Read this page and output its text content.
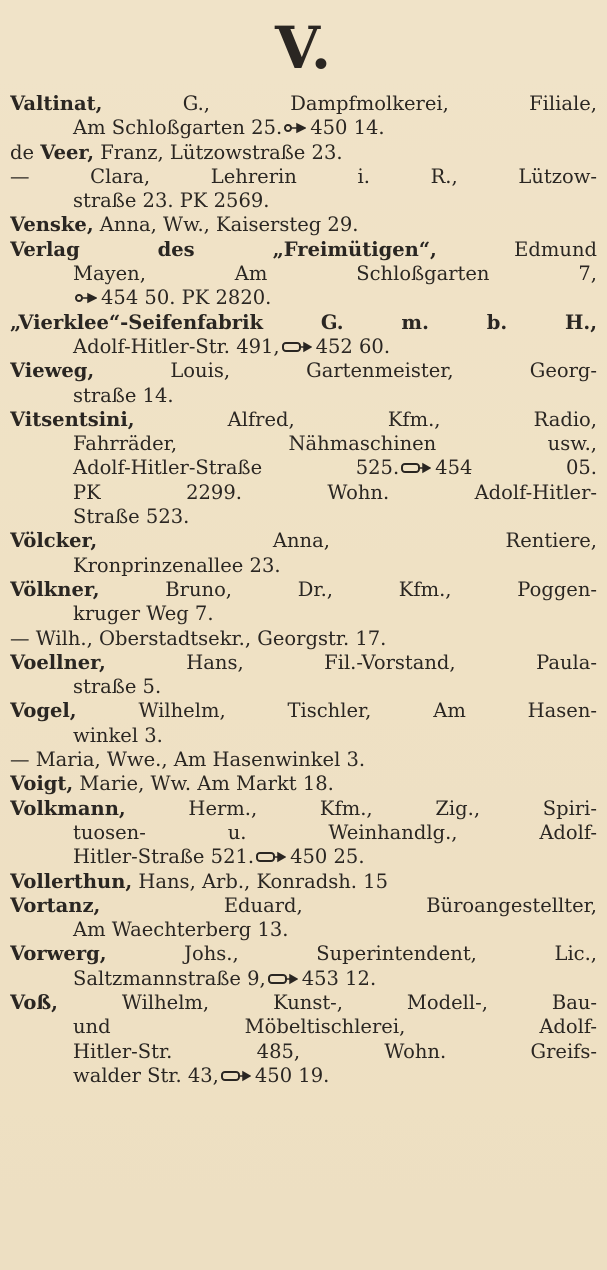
V.
Valtinat, G., Dampfmolkerei, Filiale,
Am Schloßgarten 25. 450 14.
de Veer, Franz, Lützowstraße 23.
— Clara, Lehrerin i. R., Lützow-
straße 23. PK 2569.
Venske, Anna, Ww., Kaisersteg 29.
Verlag des „Freimütigen“, Edmund
Mayen, Am Schloßgarten 7,
454 50. PK 2820.
„Vierklee“-Seifenfabrik G. m. b. H.,
Adolf-Hitler-Str. 491, 452 60.
Vieweg, Louis, Gartenmeister, Georg-
straße 14.
Vitsentsini, Alfred, Kfm., Radio,
Fahrräder, Nähmaschinen usw.,
Adolf-Hitler-Straße 525. 454 05.
PK 2299. Wohn. Adolf-Hitler-
Straße 523.
Völcker, Anna, Rentiere,
Kronprinzenallee 23.
Völkner, Bruno, Dr., Kfm., Poggen-
kruger Weg 7.
— Wilh., Oberstadtsekr., Georgstr. 17.
Voellner, Hans, Fil.-Vorstand, Paula-
straße 5.
Vogel, Wilhelm, Tischler, Am Hasen-
winkel 3.
— Maria, Wwe., Am Hasenwinkel 3.
Voigt, Marie, Ww. Am Markt 18.
Volkmann, Herm., Kfm., Zig., Spiri-
tuosen- u. Weinhandlg., Adolf-
Hitler-Straße 521. 450 25.
Vollerthun, Hans, Arb., Konradsh. 15
Vortanz, Eduard, Büroangestellter,
Am Waechterberg 13.
Vorwerg, Johs., Superintendent, Lic.,
Saltzmannstraße 9, 453 12.
Voß, Wilhelm, Kunst-, Modell-, Bau-
und Möbeltischlerei, Adolf-
Hitler-Str. 485, Wohn. Greifs-
walder Str. 43, 450 19.
